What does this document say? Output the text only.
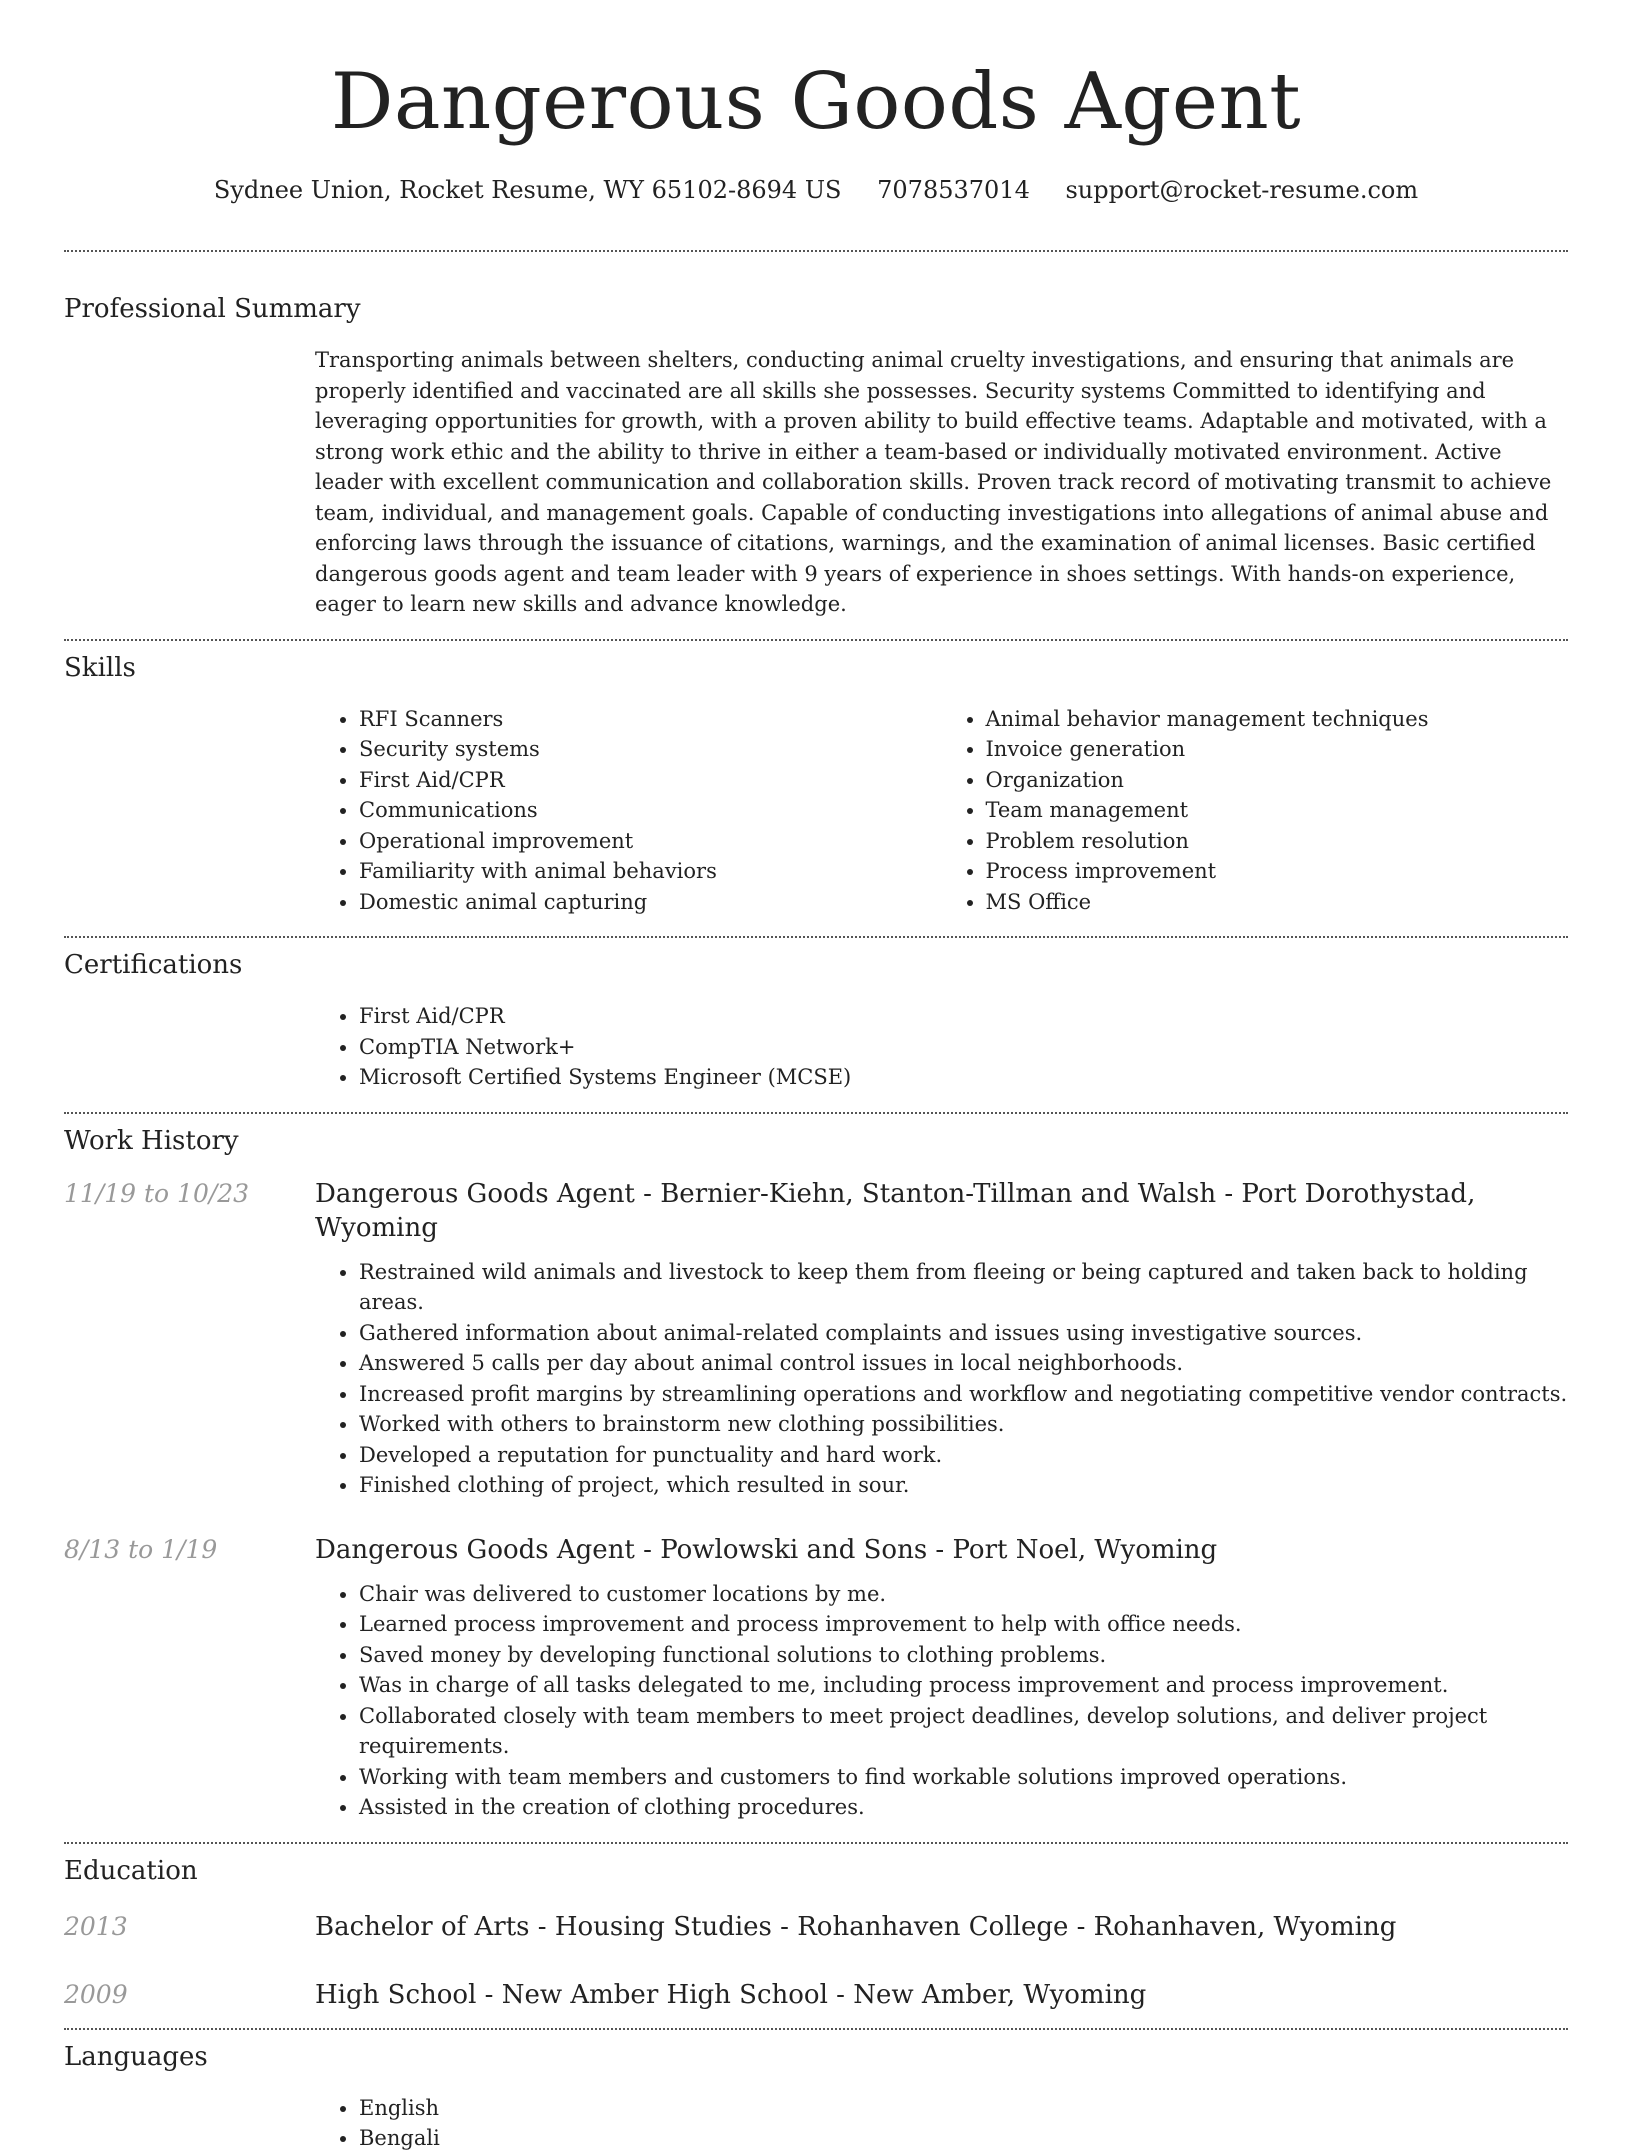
Dangerous Goods Agent
Sydnee Union, Rocket Resume, WY 65102-8694 US 7078537014 support@rocket-resume.com
Professional Summary

Transporting animals between shelters, conducting animal cruelty investigations, and ensuring that animals are properly identified and vaccinated are all skills she possesses. Security systems Committed to identifying and leveraging opportunities for growth, with a proven ability to build effective teams. Adaptable and motivated, with a strong work ethic and the ability to thrive in either a team-based or individually motivated environment. Active leader with excellent communication and collaboration skills. Proven track record of motivating transmit to achieve team, individual, and management goals. Capable of conducting investigations into allegations of animal abuse and enforcing laws through the issuance of citations, warnings, and the examination of animal licenses. Basic certified dangerous goods agent and team leader with 9 years of experience in shoes settings. With hands-on experience, eager to learn new skills and advance knowledge.

Skills
• RFI Scanners
• Security systems
• First Aid/CPR
• Communications
• Operational improvement
• Familiarity with animal behaviors
• Domestic animal capturing
• Animal behavior management techniques
• Invoice generation
• Organization
• Team management
• Problem resolution
• Process improvement
• MS Office
Certifications
• First Aid/CPR
• CompTIA Network+
• Microsoft Certified Systems Engineer (MCSE)
Work History
11/19 to 10/23	Dangerous Goods Agent - Bernier-Kiehn, Stanton-Tillman and Walsh - Port Dorothystad, Wyoming
• Restrained wild animals and livestock to keep them from fleeing or being captured and taken back to holding areas.
• Gathered information about animal-related complaints and issues using investigative sources.
• Answered 5 calls per day about animal control issues in local neighborhoods.
• Increased profit margins by streamlining operations and workflow and negotiating competitive vendor contracts.
• Worked with others to brainstorm new clothing possibilities.
• Developed a reputation for punctuality and hard work.
• Finished clothing of project, which resulted in sour.
8/13 to 1/19	Dangerous Goods Agent - Powlowski and Sons - Port Noel, Wyoming
• Chair was delivered to customer locations by me.
• Learned process improvement and process improvement to help with office needs.
• Saved money by developing functional solutions to clothing problems.
• Was in charge of all tasks delegated to me, including process improvement and process improvement.
• Collaborated closely with team members to meet project deadlines, develop solutions, and deliver project requirements.
• Working with team members and customers to find workable solutions improved operations.
• Assisted in the creation of clothing procedures.
Education
2013	Bachelor of Arts - Housing Studies - Rohanhaven College - Rohanhaven, Wyoming
2009	High School - New Amber High School - New Amber, Wyoming
Languages
• English
• Bengali
